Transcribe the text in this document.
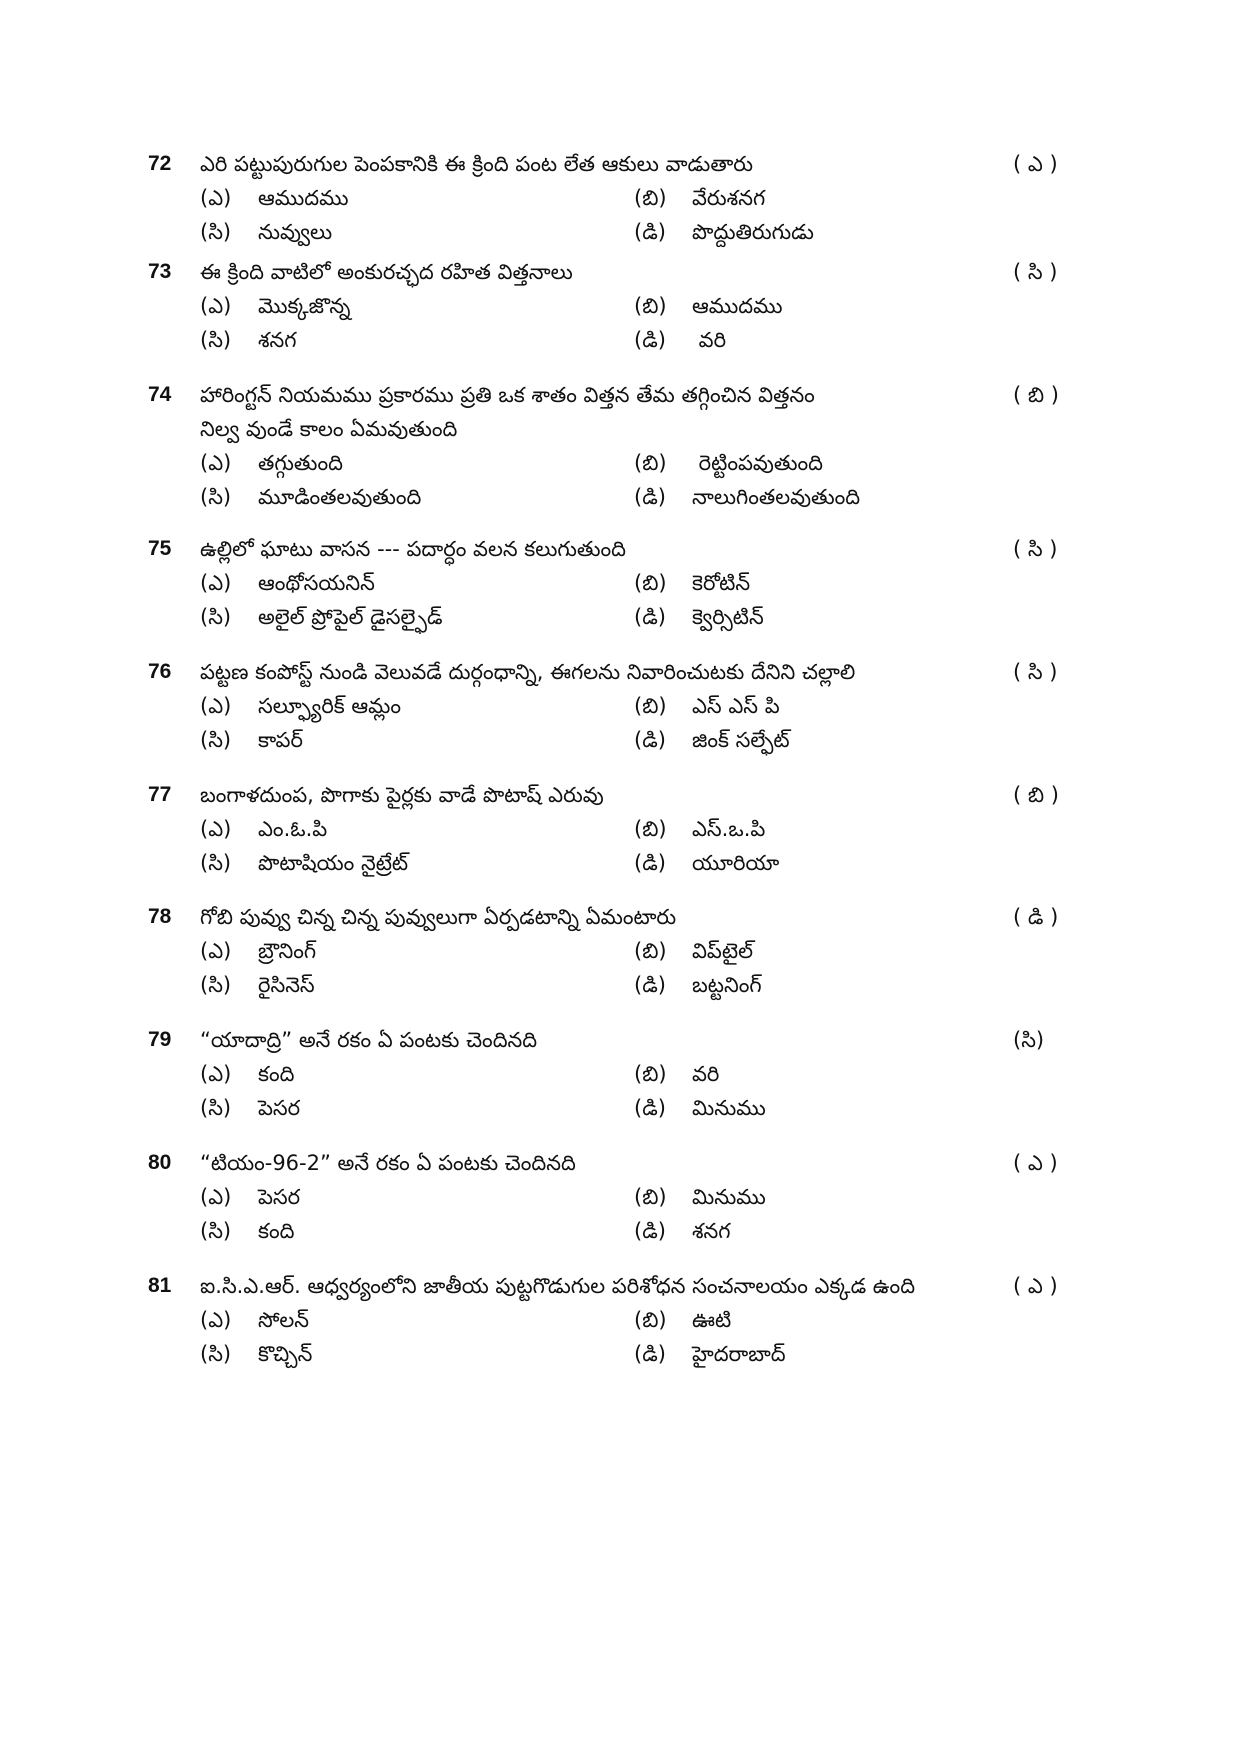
72 ఎరి పట్టుపురుగుల పెంపకానికి ఈ క్రింది పంట లేత ఆకులు వాడుతారు	( ఎ )
(ఎ) ఆముదము	(బి) వేరుశనగ
(సి) నువ్వులు	(డి) పొద్దుతిరుగుడు
73 ఈ క్రింది వాటిలో అంకురచ్ఛద రహిత విత్తనాలు	( సి )
(ఎ) మొక్కజొన్న	(బి) ఆముదము
(సి) శనగ	(డి) వరి
74 హారింగ్టన్ నియమము ప్రకారము ప్రతి ఒక శాతం విత్తన తేమ తగ్గించిన విత్తనం	( బి )
నిల్వ వుండే కాలం ఏమవుతుంది
(ఎ) తగ్గుతుంది	(బి) రెట్టింపవుతుంది
(సి) మూడింతలవుతుంది	(డి) నాలుగింతలవుతుంది
75 ఉల్లిలో ఘాటు వాసన --- పదార్ధం వలన కలుగుతుంది	( సి )
(ఎ) ఆంథోసయనిన్	(బి) కెరోటిన్
(సి) అలైల్ ప్రోపైల్ డైసల్ఫైడ్	(డి) క్వెర్సిటిన్
76 పట్టణ కంపోస్ట్ నుండి వెలువడే దుర్గంధాన్ని, ఈగలను నివారించుటకు దేనిని చల్లాలి	( సి )
(ఎ) సల్ఫ్యూరిక్ ఆమ్లం	(బి) ఎస్ ఎస్ పి
(సి) కాపర్	(డి) జింక్ సల్ఫేట్
77 బంగాళదుంప, పొగాకు పైర్లకు వాడే పొటాష్ ఎరువు	( బి )
(ఎ) ఎం.ఓ.పి	(బి) ఎస్.ఒ.పి
(సి) పొటాషియం నైట్రేట్	(డి) యూరియా
78 గోబి పువ్వు చిన్న చిన్న పువ్వులుగా ఏర్పడటాన్ని ఏమంటారు	( డి )
(ఎ) బ్రౌనింగ్	(బి) విప్‌టైల్
(సి) రైసినెస్	(డి) బట్టనింగ్
79 “యాదాద్రి” అనే రకం ఏ పంటకు చెందినది	(సి)
(ఎ) కంది	(బి) వరి
(సి) పెసర	(డి) మినుము
80 “టియం-96-2” అనే రకం ఏ పంటకు చెందినది	( ఎ )
(ఎ) పెసర	(బి) మినుము
(సి) కంది	(డి) శనగ
81 ఐ.సి.ఎ.ఆర్. ఆధ్వర్యంలోని జాతీయ పుట్టగొడుగుల పరిశోధన సంచనాలయం ఎక్కడ ఉంది	( ఎ )
(ఎ) సోలన్	(బి) ఊటి
(సి) కొచ్చిన్	(డి) హైదరాబాద్
